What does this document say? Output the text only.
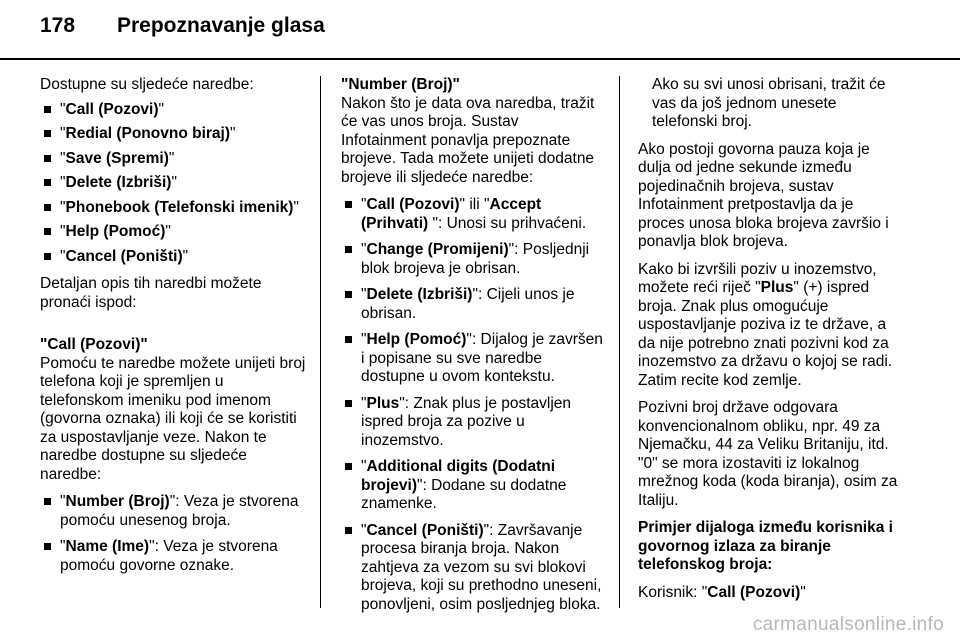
178	Prepoznavanje glasa

Dostupne su sljedeće naredbe:

"Call (Pozovi)"
"Redial (Ponovno biraj)"
"Save (Spremi)"
"Delete (Izbriši)"
"Phonebook (Telefonski imenik)"
"Help (Pomoć)"
"Cancel (Poništi)"

Detaljan opis tih naredbi možete pronaći ispod:

"Call (Pozovi)"

Pomoću te naredbe možete unijeti broj telefona koji je spremljen u telefonskom imeniku pod imenom (govorna oznaka) ili koji će se koristiti za uspostavljanje veze. Nakon te naredbe dostupne su sljedeće naredbe:

"Number (Broj)": Veza je stvorena pomoću unesenog broja.
"Name (Ime)": Veza je stvorena pomoću govorne oznake.
"Number (Broj)"

Nakon što je data ova naredba, tražit će vas unos broja. Sustav Infotainment ponavlja prepoznate brojeve. Tada možete unijeti dodatne brojeve ili sljedeće naredbe:

"Call (Pozovi)" ili "Accept (Prihvati) ": Unosi su prihvaćeni.
"Change (Promijeni)": Posljednji blok brojeva je obrisan.
"Delete (Izbriši)": Cijeli unos je obrisan.
"Help (Pomoć)": Dijalog je završen i popisane su sve naredbe dostupne u ovom kontekstu.
"Plus": Znak plus je postavljen ispred broja za pozive u inozemstvo.
"Additional digits (Dodatni brojevi)": Dodane su dodatne znamenke.
"Cancel (Poništi)": Završavanje procesa biranja broja. Nakon zahtjeva za vezom su svi blokovi brojeva, koji su prethodno uneseni, ponovljeni, osim posljednjeg bloka.

Ako su svi unosi obrisani, tražit će vas da još jednom unesete telefonski broj.

Ako postoji govorna pauza koja je dulja od jedne sekunde između pojedinačnih brojeva, sustav Infotainment pretpostavlja da je proces unosa bloka brojeva završio i ponavlja blok brojeva.

Kako bi izvršili poziv u inozemstvo, možete reći riječ "Plus" (+) ispred broja. Znak plus omogućuje uspostavljanje poziva iz te države, a da nije potrebno znati pozivni kod za inozemstvo za državu o kojoj se radi. Zatim recite kod zemlje.

Pozivni broj države odgovara konvencionalnom obliku, npr. 49 za Njemačku, 44 za Veliku Britaniju, itd. "0" se mora izostaviti iz lokalnog mrežnog koda (koda biranja), osim za Italiju.

Primjer dijaloga između korisnika i govornog izlaza za biranje telefonskog broja:

Korisnik: "Call (Pozovi)"

carmanualsonline.info
